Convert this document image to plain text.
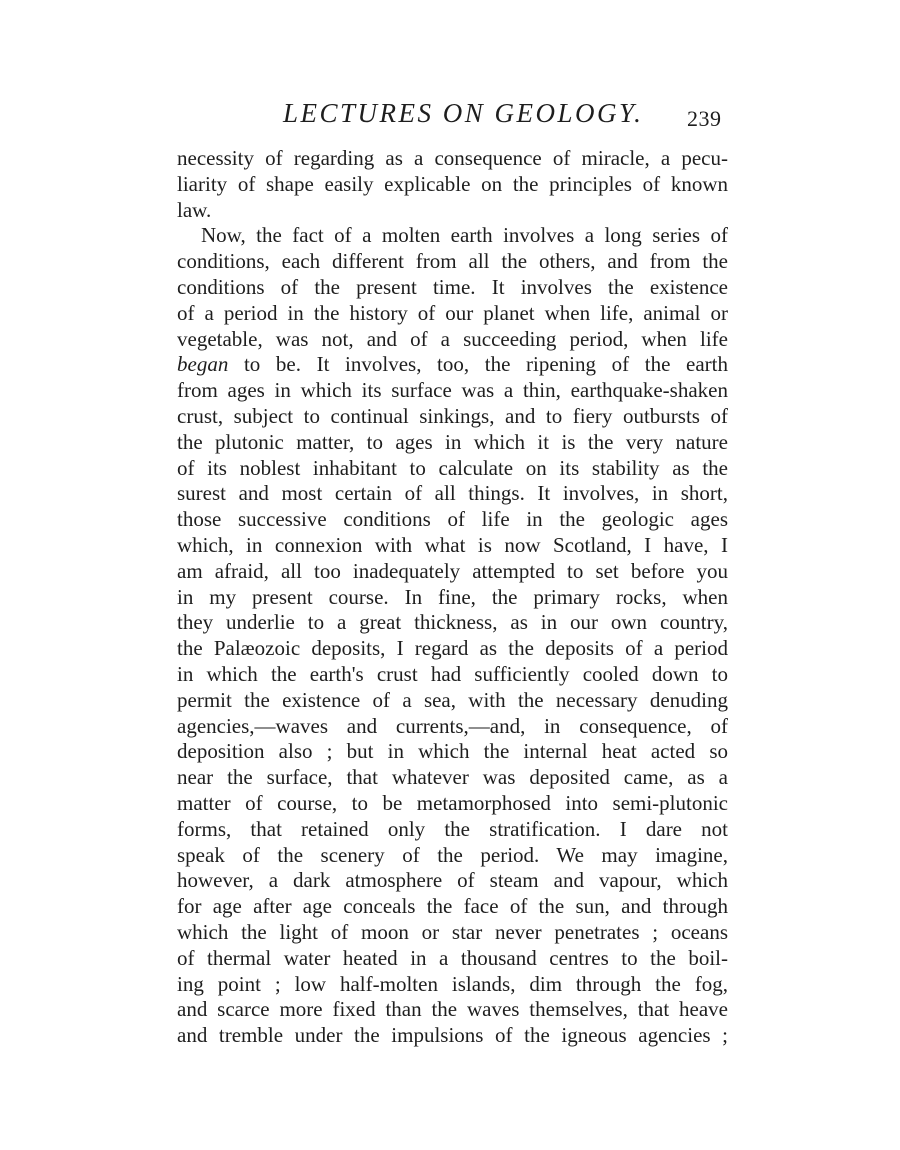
LECTURES ON GEOLOGY. 239
necessity of regarding as a consequence of miracle, a pecu-
liarity of shape easily explicable on the principles of known
law.
Now, the fact of a molten earth involves a long series of
conditions, each different from all the others, and from the
conditions of the present time. It involves the existence
of a period in the history of our planet when life, animal or
vegetable, was not, and of a succeeding period, when life
began to be. It involves, too, the ripening of the earth
from ages in which its surface was a thin, earthquake-shaken
crust, subject to continual sinkings, and to fiery outbursts of
the plutonic matter, to ages in which it is the very nature
of its noblest inhabitant to calculate on its stability as the
surest and most certain of all things. It involves, in short,
those successive conditions of life in the geologic ages
which, in connexion with what is now Scotland, I have, I
am afraid, all too inadequately attempted to set before you
in my present course. In fine, the primary rocks, when
they underlie to a great thickness, as in our own country,
the Palæozoic deposits, I regard as the deposits of a period
in which the earth's crust had sufficiently cooled down to
permit the existence of a sea, with the necessary denuding
agencies,—waves and currents,—and, in consequence, of
deposition also ; but in which the internal heat acted so
near the surface, that whatever was deposited came, as a
matter of course, to be metamorphosed into semi-plutonic
forms, that retained only the stratification. I dare not
speak of the scenery of the period. We may imagine,
however, a dark atmosphere of steam and vapour, which
for age after age conceals the face of the sun, and through
which the light of moon or star never penetrates ; oceans
of thermal water heated in a thousand centres to the boil-
ing point ; low half-molten islands, dim through the fog,
and scarce more fixed than the waves themselves, that heave
and tremble under the impulsions of the igneous agencies ;
